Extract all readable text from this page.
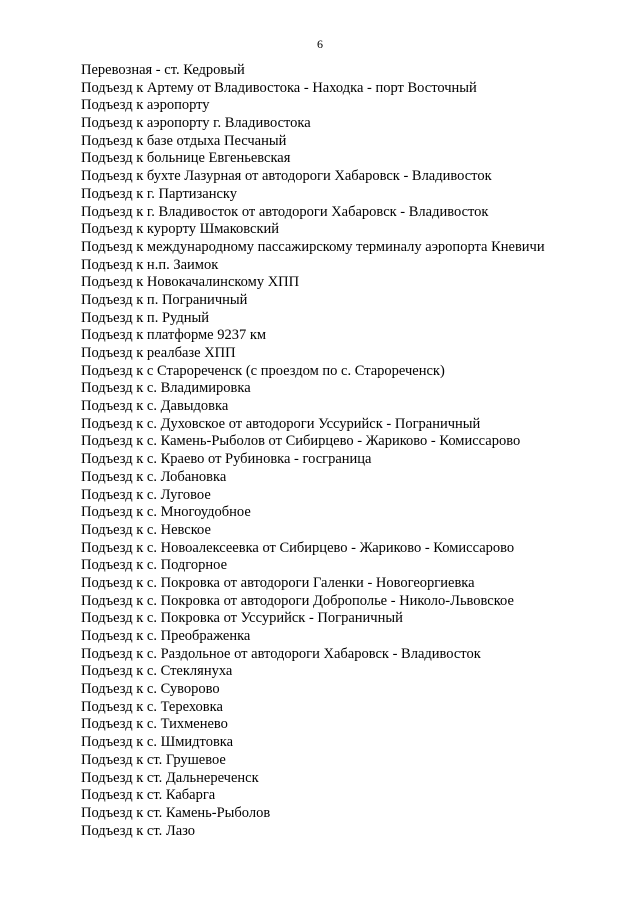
6
Перевозная - ст. Кедровый
Подъезд к Артему от Владивостока - Находка - порт Восточный
Подъезд к аэропорту
Подъезд к аэропорту г. Владивостока
Подъезд к базе отдыха Песчаный
Подъезд к больнице Евгеньевская
Подъезд к бухте Лазурная от автодороги Хабаровск - Владивосток
Подъезд к г. Партизанску
Подъезд к г. Владивосток от автодороги Хабаровск - Владивосток
Подъезд к курорту Шмаковский
Подъезд к международному пассажирскому терминалу аэропорта Кневичи
Подъезд к н.п. Заимок
Подъезд к Новокачалинскому ХПП
Подъезд к п. Пограничный
Подъезд к п. Рудный
Подъезд к платформе 9237 км
Подъезд к реалбазе ХПП
Подъезд к с Старореченск (с проездом по с. Старореченск)
Подъезд к с. Владимировка
Подъезд к с. Давыдовка
Подъезд к с. Духовское от автодороги Уссурийск - Пограничный
Подъезд к с. Камень-Рыболов от Сибирцево - Жариково - Комиссарово
Подъезд к с. Краево от Рубиновка - госграница
Подъезд к с. Лобановка
Подъезд к с. Луговое
Подъезд к с. Многоудобное
Подъезд к с. Невское
Подъезд к с. Новоалексеевка от Сибирцево - Жариково - Комиссарово
Подъезд к с. Подгорное
Подъезд к с. Покровка от автодороги Галенки - Новогеоргиевка
Подъезд к с. Покровка от автодороги Доброполье - Николо-Львовское
Подъезд к с. Покровка от Уссурийск - Пограничный
Подъезд к с. Преображенка
Подъезд к с. Раздольное от автодороги Хабаровск - Владивосток
Подъезд к с. Стеклянуха
Подъезд к с. Суворово
Подъезд к с. Тереховка
Подъезд к с. Тихменево
Подъезд к с. Шмидтовка
Подъезд к ст. Грушевое
Подъезд к ст. Дальнереченск
Подъезд к ст. Кабарга
Подъезд к ст. Камень-Рыболов
Подъезд к ст. Лазо
